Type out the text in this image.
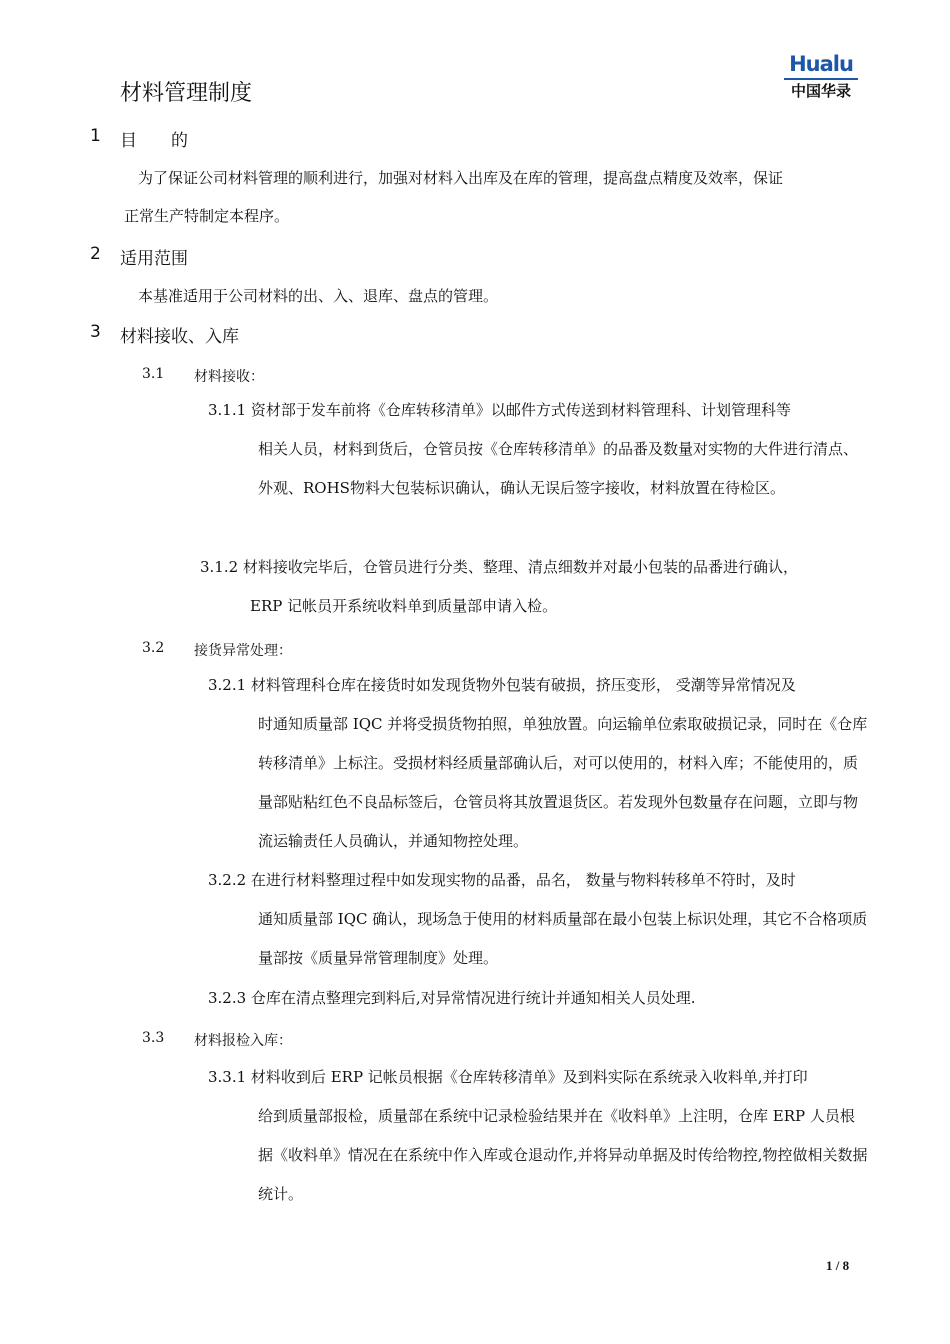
材料管理制度
Hualu
中国华录
1 目　　的
为了保证公司材料管理的顺利进行，加强对材料入出库及在库的管理，提高盘点精度及效率，保证
正常生产特制定本程序。
2 适用范围
本基准适用于公司材料的出、入、退库、盘点的管理。
3 材料接收、入库
3.1 材料接收：
3.1.1 资材部于发车前将《仓库转移清单》以邮件方式传送到材料管理科、计划管理科等
相关人员，材料到货后，仓管员按《仓库转移清单》的品番及数量对实物的大件进行清点、外观、ROHS物料大包装标识确认，确认无误后签字接收，材料放置在待检区。
3.1.2 材料接收完毕后，仓管员进行分类、整理、清点细数并对最小包装的品番进行确认，
ERP 记帐员开系统收料单到质量部申请入检。
3.2 接货异常处理：
3.2.1 材料管理科仓库在接货时如发现货物外包装有破损，挤压变形， 受潮等异常情况及
时通知质量部 IQC 并将受损货物拍照，单独放置。向运输单位索取破损记录，同时在《仓库转移清单》上标注。受损材料经质量部确认后，对可以使用的，材料入库；不能使用的，质量部贴粘红色不良品标签后，仓管员将其放置退货区。若发现外包数量存在问题，立即与物流运输责任人员确认，并通知物控处理。
3.2.2 在进行材料整理过程中如发现实物的品番，品名， 数量与物料转移单不符时，及时
通知质量部 IQC 确认，现场急于使用的材料质量部在最小包装上标识处理，其它不合格项质量部按《质量异常管理制度》处理。
3.2.3 仓库在清点整理完到料后,对异常情况进行统计并通知相关人员处理.
3.3 材料报检入库：
3.3.1 材料收到后 ERP 记帐员根据《仓库转移清单》及到料实际在系统录入收料单,并打印
给到质量部报检，质量部在系统中记录检验结果并在《收料单》上注明，仓库 ERP 人员根据《收料单》情况在在系统中作入库或仓退动作,并将异动单据及时传给物控,物控做相关数据统计。
1 / 8
